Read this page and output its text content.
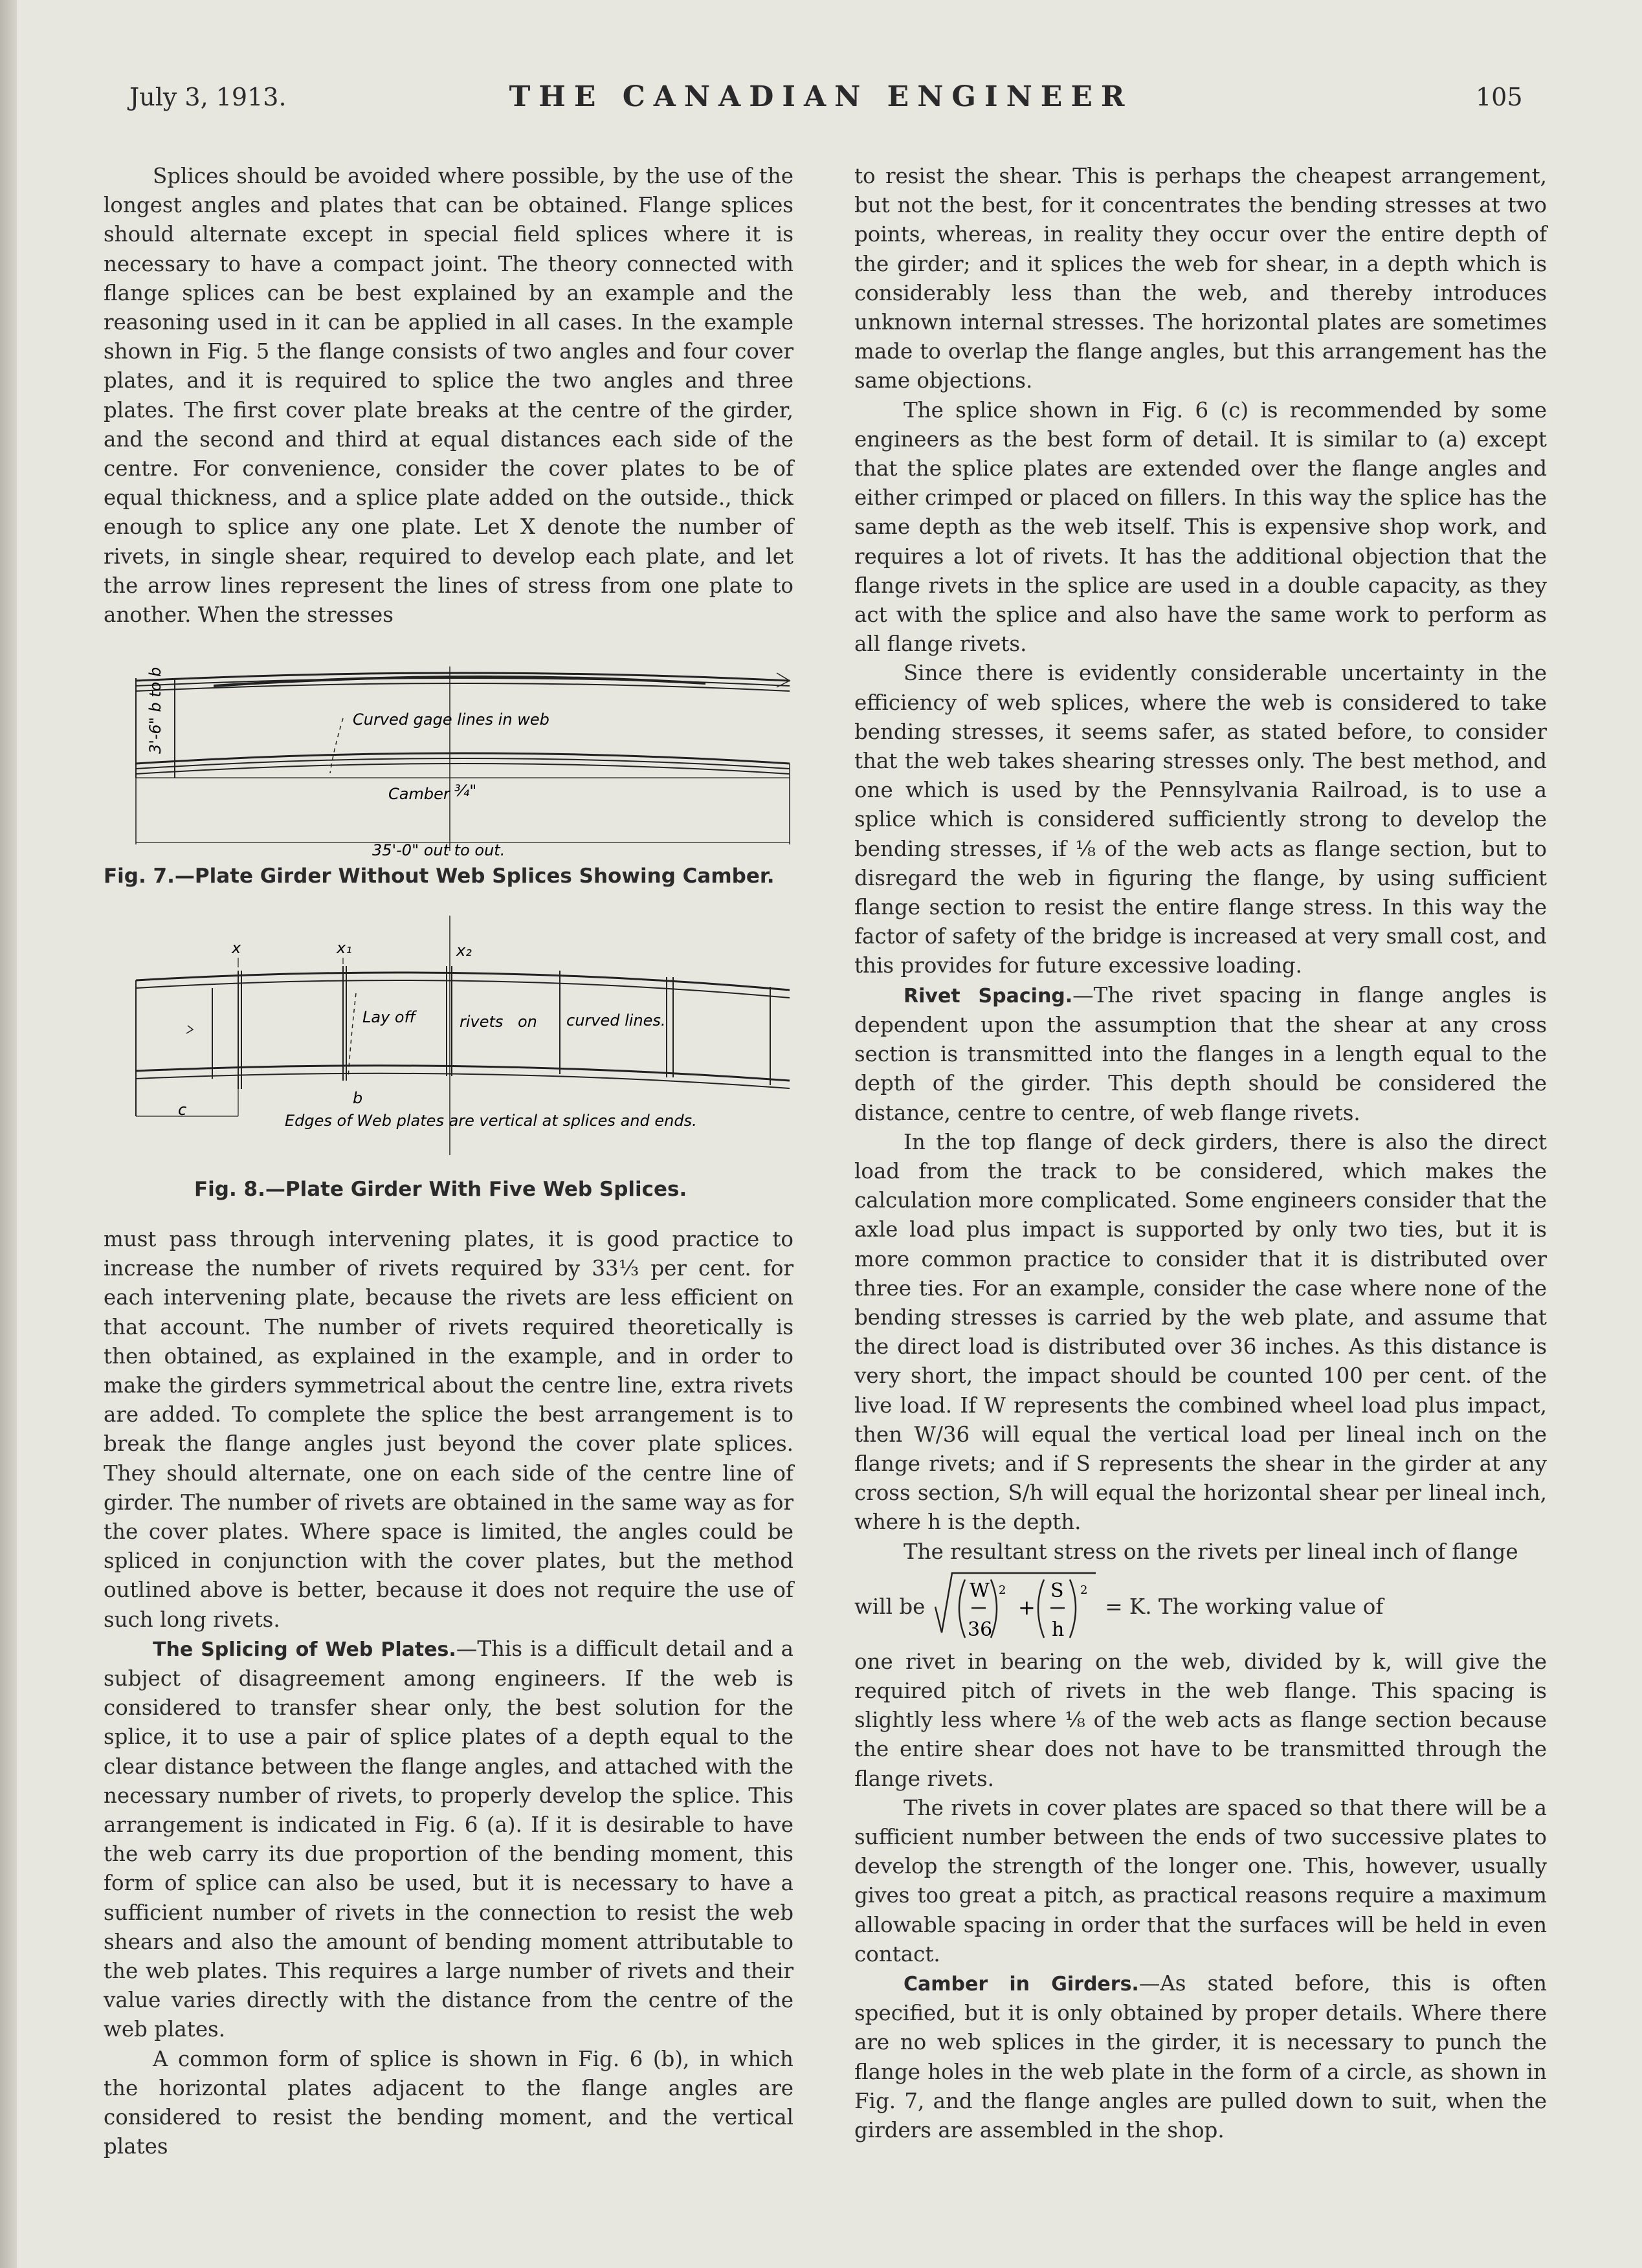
July 3, 1913.	THE CANADIAN ENGINEER	105

Splices should be avoided where possible, by the use of the longest angles and plates that can be obtained. Flange splices should alternate except in special field splices where it is necessary to have a compact joint. The theory connected with flange splices can be best explained by an example and the reasoning used in it can be applied in all cases. In the example shown in Fig. 5 the flange consists of two angles and four cover plates, and it is required to splice the two angles and three plates. The first cover plate breaks at the centre of the girder, and the second and third at equal distances each side of the centre. For convenience, consider the cover plates to be of equal thickness, and a splice plate added on the outside., thick enough to splice any one plate. Let X denote the number of rivets, in single shear, required to develop each plate, and let the arrow lines represent the lines of stress from one plate to another. When the stresses

3'-6" b to b	Curved gage lines in web
Camber ¾"
35'-0" out to out.
Fig. 7.—Plate Girder Without Web Splices Showing Camber.
x	x₁	x₂
Lay off	rivets on curved lines.
b
c
Edges of Web plates are vertical at splices and ends.
Fig. 8.—Plate Girder With Five Web Splices.

must pass through intervening plates, it is good practice to increase the number of rivets required by 33⅓ per cent. for each intervening plate, because the rivets are less efficient on that account. The number of rivets required theoretically is then obtained, as explained in the example, and in order to make the girders symmetrical about the centre line, extra rivets are added. To complete the splice the best arrangement is to break the flange angles just beyond the cover plate splices. They should alternate, one on each side of the centre line of girder. The number of rivets are obtained in the same way as for the cover plates. Where space is limited, the angles could be spliced in conjunction with the cover plates, but the method outlined above is better, because it does not require the use of such long rivets.

The Splicing of Web Plates.—This is a difficult detail and a subject of disagreement among engineers. If the web is considered to transfer shear only, the best solution for the splice, it to use a pair of splice plates of a depth equal to the clear distance between the flange angles, and attached with the necessary number of rivets, to properly develop the splice. This arrangement is indicated in Fig. 6 (a). If it is desirable to have the web carry its due proportion of the bending moment, this form of splice can also be used, but it is necessary to have a sufficient number of rivets in the connection to resist the web shears and also the amount of bending moment attributable to the web plates. This requires a large number of rivets and their value varies directly with the distance from the centre of the web plates.

A common form of splice is shown in Fig. 6 (b), in which the horizontal plates adjacent to the flange angles are considered to resist the bending moment, and the vertical plates

to resist the shear. This is perhaps the cheapest arrangement, but not the best, for it concentrates the bending stresses at two points, whereas, in reality they occur over the entire depth of the girder; and it splices the web for shear, in a depth which is considerably less than the web, and thereby introduces unknown internal stresses. The horizontal plates are sometimes made to overlap the flange angles, but this arrangement has the same objections.

The splice shown in Fig. 6 (c) is recommended by some engineers as the best form of detail. It is similar to (a) except that the splice plates are extended over the flange angles and either crimped or placed on fillers. In this way the splice has the same depth as the web itself. This is expensive shop work, and requires a lot of rivets. It has the additional objection that the flange rivets in the splice are used in a double capacity, as they act with the splice and also have the same work to perform as all flange rivets.

Since there is evidently considerable uncertainty in the efficiency of web splices, where the web is considered to take bending stresses, it seems safer, as stated before, to consider that the web takes shearing stresses only. The best method, and one which is used by the Pennsylvania Railroad, is to use a splice which is considered sufficiently strong to develop the bending stresses, if ⅛ of the web acts as flange section, but to disregard the web in figuring the flange, by using sufficient flange section to resist the entire flange stress. In this way the factor of safety of the bridge is increased at very small cost, and this provides for future excessive loading.

Rivet Spacing.—The rivet spacing in flange angles is dependent upon the assumption that the shear at any cross section is transmitted into the flanges in a length equal to the depth of the girder. This depth should be considered the distance, centre to centre, of web flange rivets.

In the top flange of deck girders, there is also the direct load from the track to be considered, which makes the calculation more complicated. Some engineers consider that the axle load plus impact is supported by only two ties, but it is more common practice to consider that it is distributed over three ties. For an example, consider the case where none of the bending stresses is carried by the web plate, and assume that the direct load is distributed over 36 inches. As this distance is very short, the impact should be counted 100 per cent. of the live load. If W represents the combined wheel load plus impact, then W/36 will equal the vertical load per lineal inch on the flange rivets; and if S represents the shear in the girder at any cross section, S/h will equal the horizontal shear per lineal inch, where h is the depth.

The resultant stress on the rivets per lineal inch of flange

will be
W
36
2
+
S
h
2
= K. The working value of

one rivet in bearing on the web, divided by k, will give the required pitch of rivets in the web flange. This spacing is slightly less where ⅛ of the web acts as flange section because the entire shear does not have to be transmitted through the flange rivets.

The rivets in cover plates are spaced so that there will be a sufficient number between the ends of two successive plates to develop the strength of the longer one. This, however, usually gives too great a pitch, as practical reasons require a maximum allowable spacing in order that the surfaces will be held in even contact.

Camber in Girders.—As stated before, this is often specified, but it is only obtained by proper details. Where there are no web splices in the girder, it is necessary to punch the flange holes in the web plate in the form of a circle, as shown in Fig. 7, and the flange angles are pulled down to suit, when the girders are assembled in the shop.
